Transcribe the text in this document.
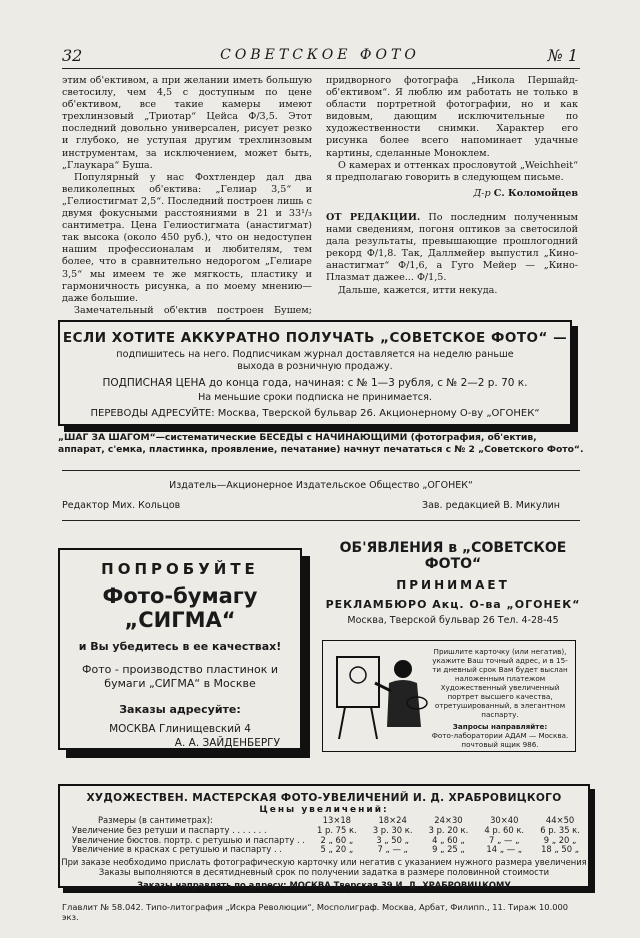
32	СОВЕТСКОЕ ФОТО	№ 1

этим об'ективом, а при желании иметь большую светосилу, чем 4,5 с доступным по цене об'ективом, все такие камеры имеют трехлинзовый „Триотар“ Цейса Ф/3,5. Этот последний довольно универсален, рисует резко и глубоко, не уступая другим трехлинзовым инструментам, за исключением, может быть, „Глаукара“ Буша.

Популярный у нас Фохтлендер дал два великолепных об'ектива: „Гелиар 3,5“ и „Гелиостигмат 2,5“. Последний построен лишь с двумя фокусными расстояниями в 21 и 33¹/₃ сантиметра. Цена Гелиостигмата (анастигмат) так высока (около 450 руб.), что он недоступен нашим профессионалам и любителям, тем более, что в сравнительно недорогом „Гелиаре 3,5“ мы имеем те же мягкость, пластику и гармоничность рисунка, а по моему мнению—даже большие.

Замечательный об'ектив построен Бушем;

придворного фотографа „Никола Першайд-об'ективом“. Я люблю им работать не только в области портретной фотографии, но и как видовым, дающим исключительные по художественности снимки. Характер его рисунка более всего напоминает удачные картины, сделанные Моноклем.

О камерах и оттенках прословутой „Weichheit“ я предполагаю говорить в следующем письме.

Д-р С. Коломойцев

ОТ РЕДАКЦИИ. По последним полученным нами сведениям, погоня оптиков за светосилой дала результаты, превышающие прошлогодний рекорд Ф/1,8. Так, Даллмейер выпустил „Кино-анастигмат“ Ф/1,6, а Гуго Мейер — „Кино-Плазмат дажее... Ф/1,5.

Дальше, кажется, итти некуда.

ЕСЛИ ХОТИТЕ АККУРАТНО ПОЛУЧАТЬ „СОВЕТСКОЕ ФОТО“ —
подпишитесь на него. Подписчикам журнал доставляется на неделю раньше выхода в розничную продажу.
ПОДПИСНАЯ ЦЕНА до конца года, начиная: с № 1—3 рубля, с № 2—2 р. 70 к.
На меньшие сроки подписка не принимается.
ПЕРЕВОДЫ АДРЕСУЙТЕ: Москва, Тверской бульвар 26. Акционерному О-ву „ОГОНЕК“
„ШАГ ЗА ШАГОМ“—систематические БЕСЕДЫ с НАЧИНАЮЩИМИ (фотография, об'ектив, аппарат, с'емка, пластинка, проявление, печатание) начнут печататься с № 2 „Советского Фото“.
Издатель—Акционерное Издательское Общество „ОГОНЕК“
Редактор Мих. Кольцов	Зав. редакцией В. Микулин
ПОПРОБУЙТЕ
Фото-бумагу „СИГМА“
и Вы убедитесь в ее качествах!
Фото - производство пластинок и бумаги „СИГМА“ в Москве
Заказы адресуйте:
МОСКВА Глинищевский 4
А. А. ЗАЙДЕНБЕРГУ
ОБ'ЯВЛЕНИЯ в „СОВЕТСКОЕ ФОТО“
ПРИНИМАЕТ
РЕКЛАМБЮРО Акц. О-ва „ОГОНЕК“
Москва, Тверской бульвар 26 Тел. 4-28-45
Пришлите карточку (или негатив), укажите Ваш точный адрес, и в 15-ти дневный срок Вам будет выслан наложенным платежом Художественный увеличенный портрет высшего качества, отретушированный, в элегантном паспарту.
Запросы направляйте:
Фото-лаборатории АДАМ — Москва. почтовый ящик 986.
ХУДОЖЕСТВЕН. МАСТЕРСКАЯ ФОТО-УВЕЛИЧЕНИЙ И. Д. ХРАБРОВИЦКОГО
Цены увеличений:
Размеры (в сантиметрах):	13×18	18×24	24×30	30×40	44×50
Увеличение без ретуши и паспарту . . . . . . .	1 р. 75 к.	3 р. 30 к.	3 р. 20 к.	4 р. 60 к.	6 р. 35 к.
Увеличение бюстов. портр. с ретушью и паспарту . .	2 „ 60 „	3 „ 50 „	4 „ 60 „	7 „ — „	9 „ 20 „
Увеличение в красках с ретушью и паспарту . .	5 „ 20 „	7 „ — „	9 „ 25 „	14 „ — „	18 „ 50 „
При заказе необходимо прислать фотографическую карточку или негатив с указанием нужного размера увеличения
Заказы выполняются в десятидневный срок по получении задатка в размере половинной стоимости
Заказы направлять по адресу: МОСКВА Тверская 39 И. Д. ХРАБРОВИЦКОМУ
Главлит № 58.042. Типо-литография „Искра Революции“, Мосполиграф. Москва, Арбат, Филипп., 11. Тираж 10.000 экз.
